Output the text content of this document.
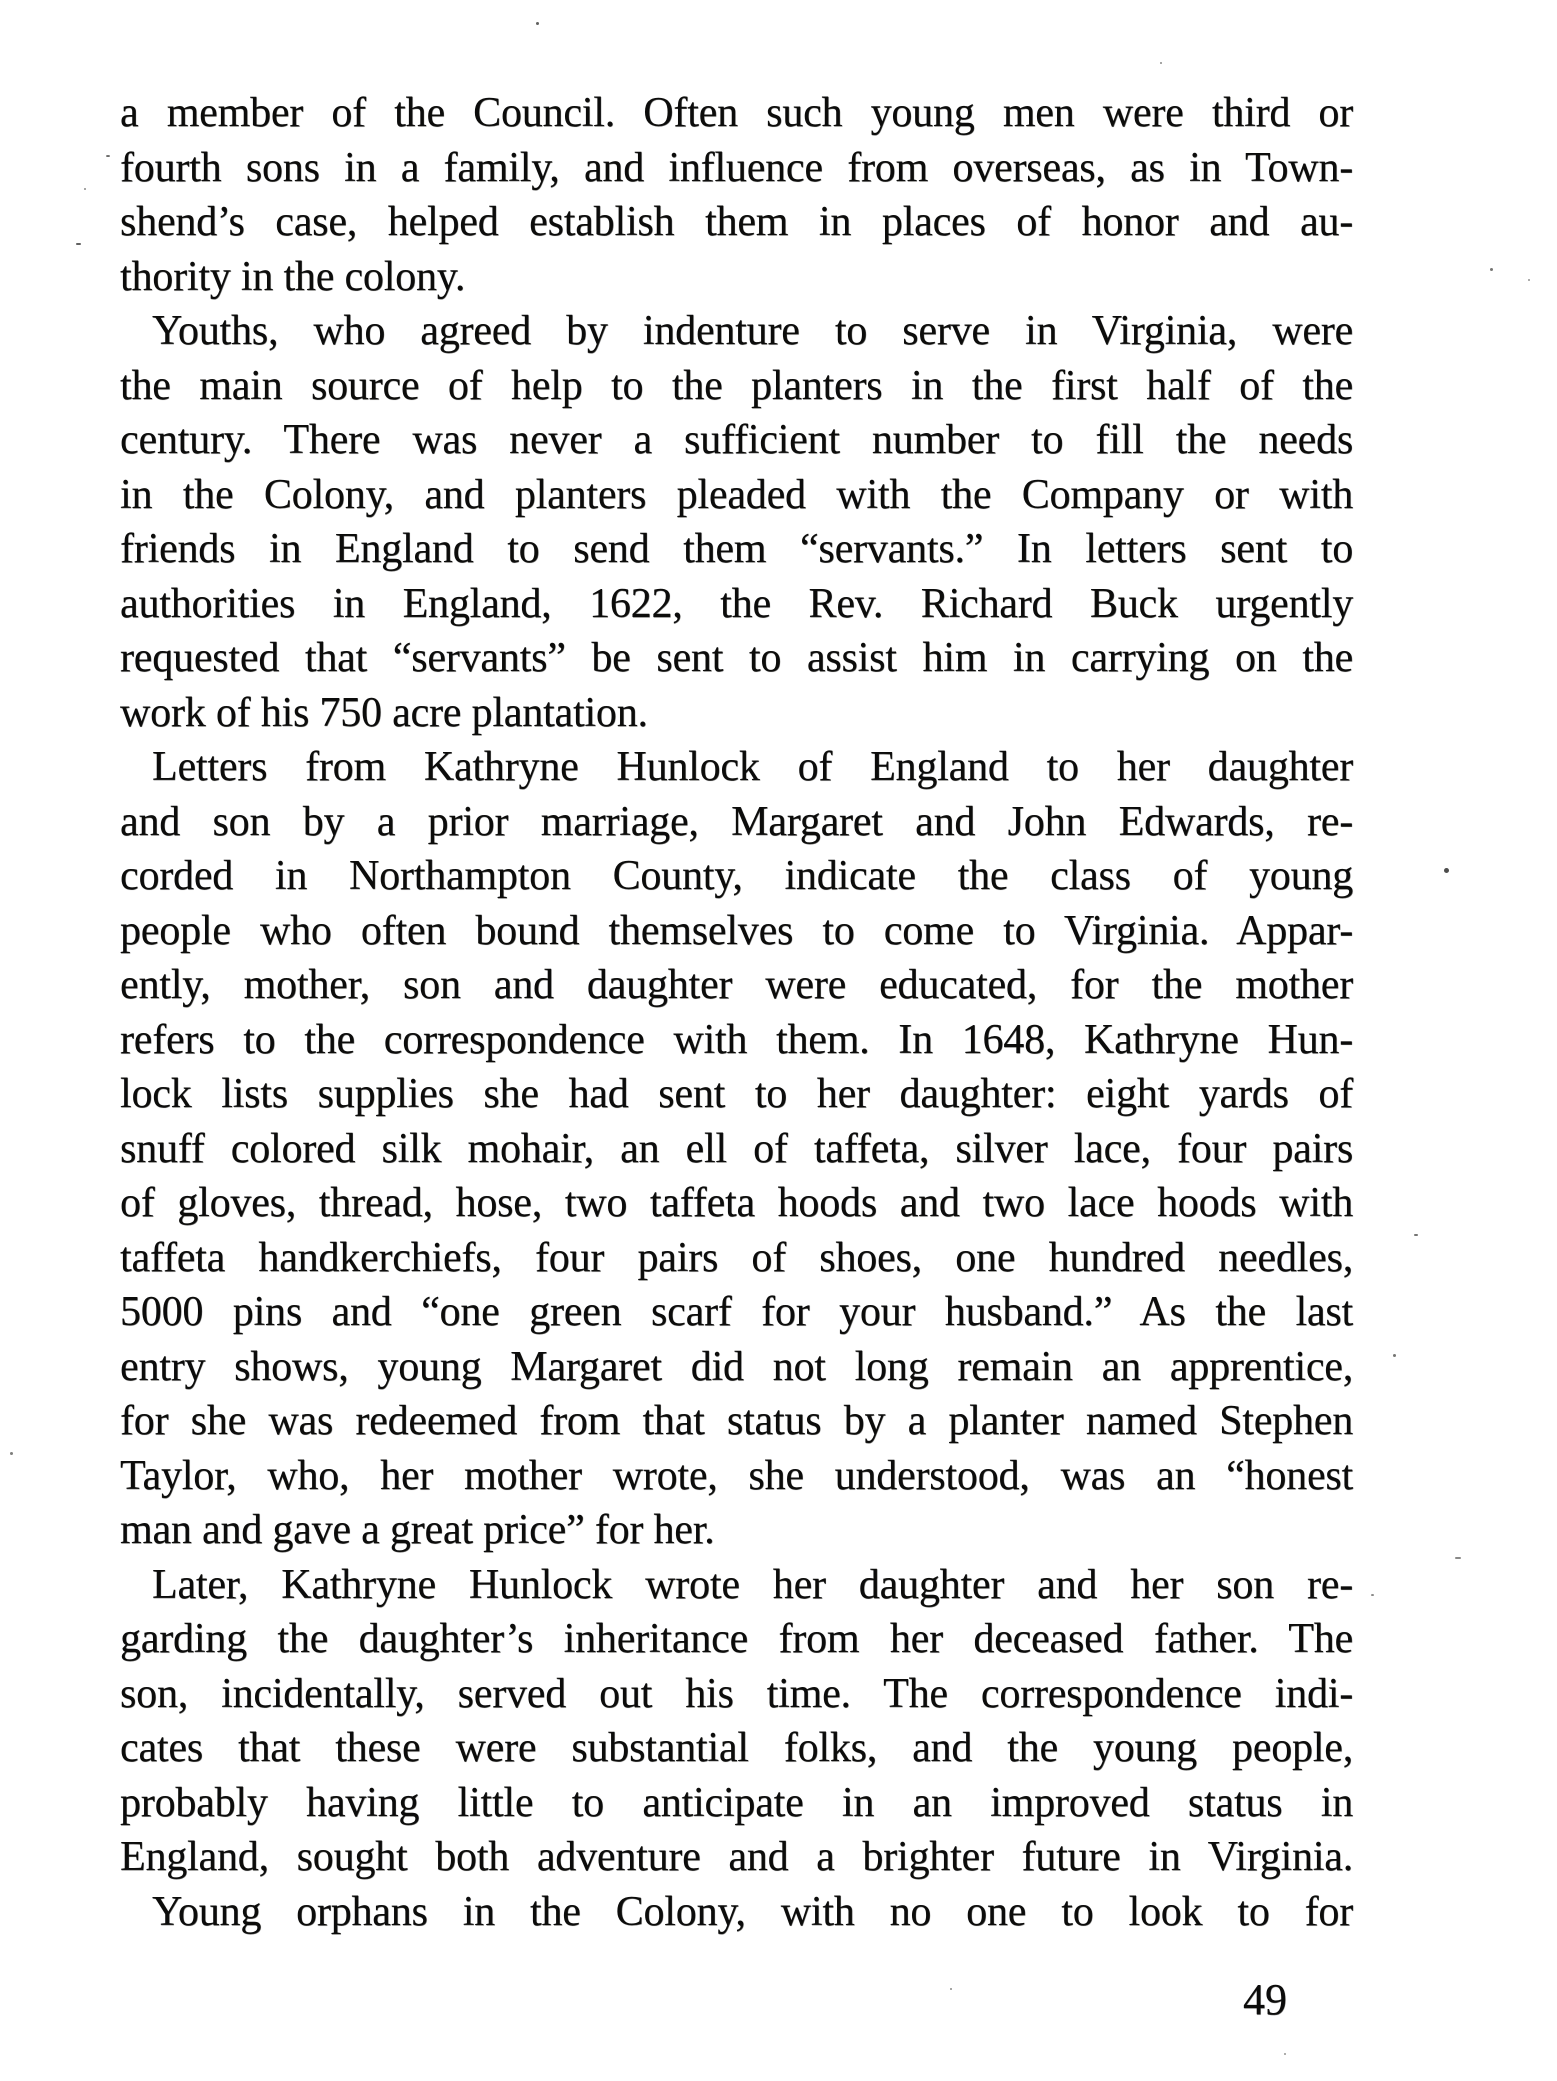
a member of the Council. Often such young men were third or
fourth sons in a family, and influence from overseas, as in Town-
shend’s case, helped establish them in places of honor and au-
thority in the colony.
Youths, who agreed by indenture to serve in Virginia, were
the main source of help to the planters in the first half of the
century. There was never a sufficient number to fill the needs
in the Colony, and planters pleaded with the Company or with
friends in England to send them “servants.” In letters sent to
authorities in England, 1622, the Rev. Richard Buck urgently
requested that “servants” be sent to assist him in carrying on the
work of his 750 acre plantation.
Letters from Kathryne Hunlock of England to her daughter
and son by a prior marriage, Margaret and John Edwards, re-
corded in Northampton County, indicate the class of young
people who often bound themselves to come to Virginia. Appar-
ently, mother, son and daughter were educated, for the mother
refers to the correspondence with them. In 1648, Kathryne Hun-
lock lists supplies she had sent to her daughter: eight yards of
snuff colored silk mohair, an ell of taffeta, silver lace, four pairs
of gloves, thread, hose, two taffeta hoods and two lace hoods with
taffeta handkerchiefs, four pairs of shoes, one hundred needles,
5000 pins and “one green scarf for your husband.” As the last
entry shows, young Margaret did not long remain an apprentice,
for she was redeemed from that status by a planter named Stephen
Taylor, who, her mother wrote, she understood, was an “honest
man and gave a great price” for her.
Later, Kathryne Hunlock wrote her daughter and her son re-
garding the daughter’s inheritance from her deceased father. The
son, incidentally, served out his time. The correspondence indi-
cates that these were substantial folks, and the young people,
probably having little to anticipate in an improved status in
England, sought both adventure and a brighter future in Virginia.
Young orphans in the Colony, with no one to look to for
49
